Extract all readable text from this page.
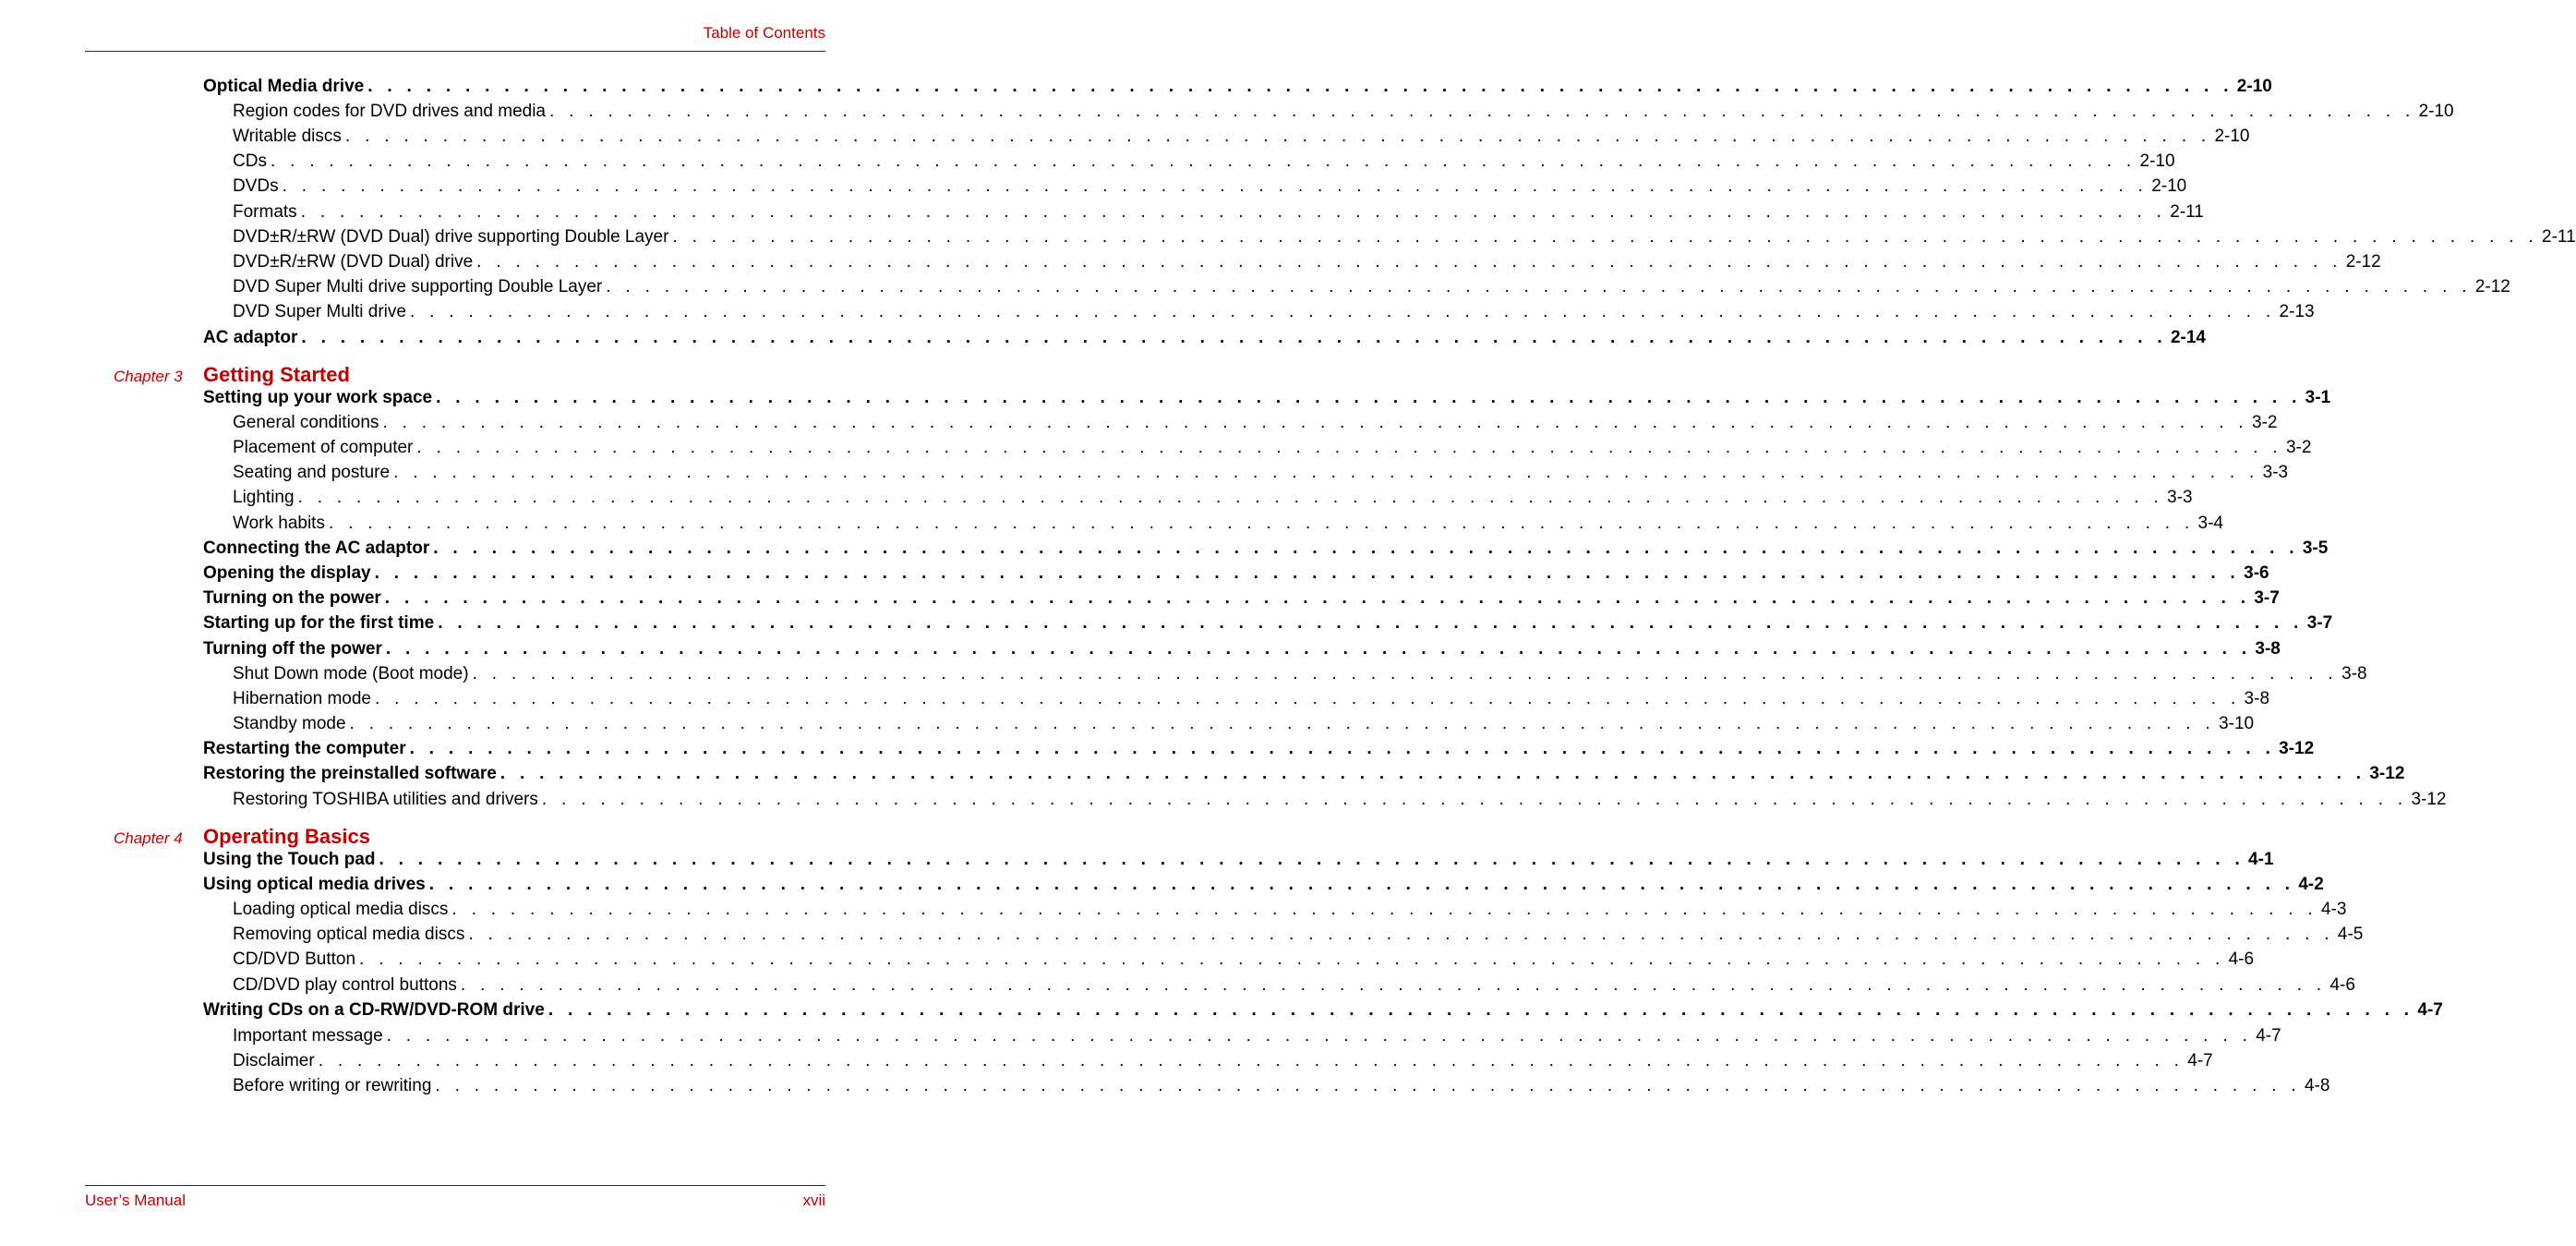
Table of Contents
Optical Media drive . . . . . . . . . . . . . . . . . . . . . . . . . . . . . . . . . . . . . . . . . . . . . . . . . . . . . . . . . . . . . . . . . . . . . . . . . . . . . . . . . . . . . . . . . . . . . . . . 2-10
Region codes for DVD drives and media . . . . . . . . . . . . . . . . . . . . . . . . . . . . . . . . . . . . . . . . . . . . . . . . . . . . . . . . . . . . . . . . . . . . . . . . . . . . . . . . . . . . . . . . . . . . . . . . 2-10
Writable discs . . . . . . . . . . . . . . . . . . . . . . . . . . . . . . . . . . . . . . . . . . . . . . . . . . . . . . . . . . . . . . . . . . . . . . . . . . . . . . . . . . . . . . . . . . . . . . . . 2-10
CDs . . . . . . . . . . . . . . . . . . . . . . . . . . . . . . . . . . . . . . . . . . . . . . . . . . . . . . . . . . . . . . . . . . . . . . . . . . . . . . . . . . . . . . . . . . . . . . . . 2-10
DVDs . . . . . . . . . . . . . . . . . . . . . . . . . . . . . . . . . . . . . . . . . . . . . . . . . . . . . . . . . . . . . . . . . . . . . . . . . . . . . . . . . . . . . . . . . . . . . . . . 2-10
Formats . . . . . . . . . . . . . . . . . . . . . . . . . . . . . . . . . . . . . . . . . . . . . . . . . . . . . . . . . . . . . . . . . . . . . . . . . . . . . . . . . . . . . . . . . . . . . . . . 2-11
DVD±R/±RW (DVD Dual) drive supporting Double Layer . . . . . . . . . . . . . . . . . . . . . . . . . . . . . . . . . . . . . . . . . . . . . . . . . . . . . . . . . . . . . . . . . . . . . . . . . . . . . . . . . . . . . . . . . . . . . . . . 2-11
DVD±R/±RW (DVD Dual) drive . . . . . . . . . . . . . . . . . . . . . . . . . . . . . . . . . . . . . . . . . . . . . . . . . . . . . . . . . . . . . . . . . . . . . . . . . . . . . . . . . . . . . . . . . . . . . . . . 2-12
DVD Super Multi drive supporting Double Layer . . . . . . . . . . . . . . . . . . . . . . . . . . . . . . . . . . . . . . . . . . . . . . . . . . . . . . . . . . . . . . . . . . . . . . . . . . . . . . . . . . . . . . . . . . . . . . . . 2-12
DVD Super Multi drive . . . . . . . . . . . . . . . . . . . . . . . . . . . . . . . . . . . . . . . . . . . . . . . . . . . . . . . . . . . . . . . . . . . . . . . . . . . . . . . . . . . . . . . . . . . . . . . . 2-13
AC adaptor . . . . . . . . . . . . . . . . . . . . . . . . . . . . . . . . . . . . . . . . . . . . . . . . . . . . . . . . . . . . . . . . . . . . . . . . . . . . . . . . . . . . . . . . . . . . . . . . 2-14
Chapter 3 Getting Started
Setting up your work space . . . . . . . . . . . . . . . . . . . . . . . . . . . . . . . . . . . . . . . . . . . . . . . . . . . . . . . . . . . . . . . . . . . . . . . . . . . . . . . . . . . . . . . . . . . . . . . . 3-1
General conditions . . . . . . . . . . . . . . . . . . . . . . . . . . . . . . . . . . . . . . . . . . . . . . . . . . . . . . . . . . . . . . . . . . . . . . . . . . . . . . . . . . . . . . . . . . . . . . . . 3-2
Placement of computer . . . . . . . . . . . . . . . . . . . . . . . . . . . . . . . . . . . . . . . . . . . . . . . . . . . . . . . . . . . . . . . . . . . . . . . . . . . . . . . . . . . . . . . . . . . . . . . . 3-2
Seating and posture . . . . . . . . . . . . . . . . . . . . . . . . . . . . . . . . . . . . . . . . . . . . . . . . . . . . . . . . . . . . . . . . . . . . . . . . . . . . . . . . . . . . . . . . . . . . . . . . 3-3
Lighting . . . . . . . . . . . . . . . . . . . . . . . . . . . . . . . . . . . . . . . . . . . . . . . . . . . . . . . . . . . . . . . . . . . . . . . . . . . . . . . . . . . . . . . . . . . . . . . . 3-3
Work habits . . . . . . . . . . . . . . . . . . . . . . . . . . . . . . . . . . . . . . . . . . . . . . . . . . . . . . . . . . . . . . . . . . . . . . . . . . . . . . . . . . . . . . . . . . . . . . . . 3-4
Connecting the AC adaptor . . . . . . . . . . . . . . . . . . . . . . . . . . . . . . . . . . . . . . . . . . . . . . . . . . . . . . . . . . . . . . . . . . . . . . . . . . . . . . . . . . . . . . . . . . . . . . . . 3-5
Opening the display . . . . . . . . . . . . . . . . . . . . . . . . . . . . . . . . . . . . . . . . . . . . . . . . . . . . . . . . . . . . . . . . . . . . . . . . . . . . . . . . . . . . . . . . . . . . . . . . 3-6
Turning on the power . . . . . . . . . . . . . . . . . . . . . . . . . . . . . . . . . . . . . . . . . . . . . . . . . . . . . . . . . . . . . . . . . . . . . . . . . . . . . . . . . . . . . . . . . . . . . . . . 3-7
Starting up for the first time . . . . . . . . . . . . . . . . . . . . . . . . . . . . . . . . . . . . . . . . . . . . . . . . . . . . . . . . . . . . . . . . . . . . . . . . . . . . . . . . . . . . . . . . . . . . . . . . 3-7
Turning off the power . . . . . . . . . . . . . . . . . . . . . . . . . . . . . . . . . . . . . . . . . . . . . . . . . . . . . . . . . . . . . . . . . . . . . . . . . . . . . . . . . . . . . . . . . . . . . . . . 3-8
Shut Down mode (Boot mode) . . . . . . . . . . . . . . . . . . . . . . . . . . . . . . . . . . . . . . . . . . . . . . . . . . . . . . . . . . . . . . . . . . . . . . . . . . . . . . . . . . . . . . . . . . . . . . . . 3-8
Hibernation mode . . . . . . . . . . . . . . . . . . . . . . . . . . . . . . . . . . . . . . . . . . . . . . . . . . . . . . . . . . . . . . . . . . . . . . . . . . . . . . . . . . . . . . . . . . . . . . . . 3-8
Standby mode . . . . . . . . . . . . . . . . . . . . . . . . . . . . . . . . . . . . . . . . . . . . . . . . . . . . . . . . . . . . . . . . . . . . . . . . . . . . . . . . . . . . . . . . . . . . . . . . 3-10
Restarting the computer . . . . . . . . . . . . . . . . . . . . . . . . . . . . . . . . . . . . . . . . . . . . . . . . . . . . . . . . . . . . . . . . . . . . . . . . . . . . . . . . . . . . . . . . . . . . . . . . 3-12
Restoring the preinstalled software . . . . . . . . . . . . . . . . . . . . . . . . . . . . . . . . . . . . . . . . . . . . . . . . . . . . . . . . . . . . . . . . . . . . . . . . . . . . . . . . . . . . . . . . . . . . . . . . 3-12
Restoring TOSHIBA utilities and drivers . . . . . . . . . . . . . . . . . . . . . . . . . . . . . . . . . . . . . . . . . . . . . . . . . . . . . . . . . . . . . . . . . . . . . . . . . . . . . . . . . . . . . . . . . . . . . . . . 3-12
Chapter 4 Operating Basics
Using the Touch pad . . . . . . . . . . . . . . . . . . . . . . . . . . . . . . . . . . . . . . . . . . . . . . . . . . . . . . . . . . . . . . . . . . . . . . . . . . . . . . . . . . . . . . . . . . . . . . . . 4-1
Using optical media drives . . . . . . . . . . . . . . . . . . . . . . . . . . . . . . . . . . . . . . . . . . . . . . . . . . . . . . . . . . . . . . . . . . . . . . . . . . . . . . . . . . . . . . . . . . . . . . . . 4-2
Loading optical media discs . . . . . . . . . . . . . . . . . . . . . . . . . . . . . . . . . . . . . . . . . . . . . . . . . . . . . . . . . . . . . . . . . . . . . . . . . . . . . . . . . . . . . . . . . . . . . . . . 4-3
Removing optical media discs . . . . . . . . . . . . . . . . . . . . . . . . . . . . . . . . . . . . . . . . . . . . . . . . . . . . . . . . . . . . . . . . . . . . . . . . . . . . . . . . . . . . . . . . . . . . . . . . 4-5
CD/DVD Button . . . . . . . . . . . . . . . . . . . . . . . . . . . . . . . . . . . . . . . . . . . . . . . . . . . . . . . . . . . . . . . . . . . . . . . . . . . . . . . . . . . . . . . . . . . . . . . . 4-6
CD/DVD play control buttons . . . . . . . . . . . . . . . . . . . . . . . . . . . . . . . . . . . . . . . . . . . . . . . . . . . . . . . . . . . . . . . . . . . . . . . . . . . . . . . . . . . . . . . . . . . . . . . . 4-6
Writing CDs on a CD-RW/DVD-ROM drive . . . . . . . . . . . . . . . . . . . . . . . . . . . . . . . . . . . . . . . . . . . . . . . . . . . . . . . . . . . . . . . . . . . . . . . . . . . . . . . . . . . . . . . . . . . . . . . . 4-7
Important message . . . . . . . . . . . . . . . . . . . . . . . . . . . . . . . . . . . . . . . . . . . . . . . . . . . . . . . . . . . . . . . . . . . . . . . . . . . . . . . . . . . . . . . . . . . . . . . . 4-7
Disclaimer . . . . . . . . . . . . . . . . . . . . . . . . . . . . . . . . . . . . . . . . . . . . . . . . . . . . . . . . . . . . . . . . . . . . . . . . . . . . . . . . . . . . . . . . . . . . . . . . 4-7
Before writing or rewriting . . . . . . . . . . . . . . . . . . . . . . . . . . . . . . . . . . . . . . . . . . . . . . . . . . . . . . . . . . . . . . . . . . . . . . . . . . . . . . . . . . . . . . . . . . . . . . . . 4-8
User’s Manual	xvii
